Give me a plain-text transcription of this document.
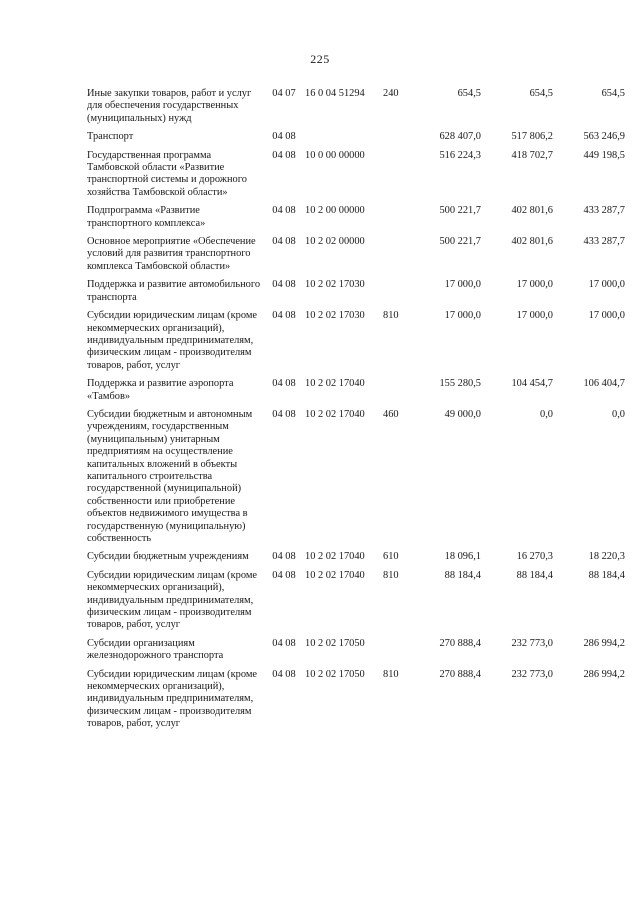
225
Иные закупки товаров, работ и услуг для обеспечения государственных (муниципальных) нужд	04 07	16 0 04 51294	240	654,5	654,5	654,5
Транспорт	04 08			628 407,0	517 806,2	563 246,9
Государственная программа Тамбовской области «Развитие транспортной системы и дорожного хозяйства Тамбовской области»	04 08	10 0 00 00000		516 224,3	418 702,7	449 198,5
Подпрограмма «Развитие транспортного комплекса»	04 08	10 2 00 00000		500 221,7	402 801,6	433 287,7
Основное мероприятие «Обеспечение условий для развития транспортного комплекса Тамбовской области»	04 08	10 2 02 00000		500 221,7	402 801,6	433 287,7
Поддержка и развитие автомобильного транспорта	04 08	10 2 02 17030		17 000,0	17 000,0	17 000,0
Субсидии юридическим лицам (кроме некоммерческих организаций), индивидуальным предпринимателям, физическим лицам - производителям товаров, работ, услуг	04 08	10 2 02 17030	810	17 000,0	17 000,0	17 000,0
Поддержка и развитие аэропорта «Тамбов»	04 08	10 2 02 17040		155 280,5	104 454,7	106 404,7
Субсидии бюджетным и автономным учреждениям, государственным (муниципальным) унитарным предприятиям на осуществление капитальных вложений в объекты капитального строительства государственной (муниципальной) собственности или приобретение объектов недвижимого имущества в государственную (муниципальную) собственность	04 08	10 2 02 17040	460	49 000,0	0,0	0,0
Субсидии бюджетным учреждениям	04 08	10 2 02 17040	610	18 096,1	16 270,3	18 220,3
Субсидии юридическим лицам (кроме некоммерческих организаций), индивидуальным предпринимателям, физическим лицам - производителям товаров, работ, услуг	04 08	10 2 02 17040	810	88 184,4	88 184,4	88 184,4
Субсидии организациям железнодорожного транспорта	04 08	10 2 02 17050		270 888,4	232 773,0	286 994,2
Субсидии юридическим лицам (кроме некоммерческих организаций), индивидуальным предпринимателям, физическим лицам - производителям товаров, работ, услуг	04 08	10 2 02 17050	810	270 888,4	232 773,0	286 994,2
